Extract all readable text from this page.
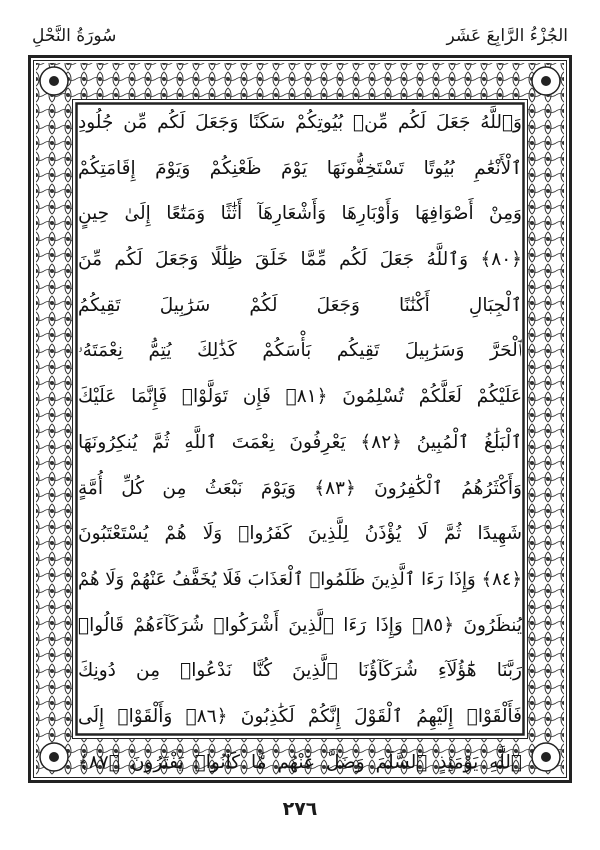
الجُزْءُ الرَّابِعَ عَشَر
سُورَةُ النَّحْلِ
وَٱللَّهُ جَعَلَ لَكُم مِّنۢ بُيُوتِكُمْ سَكَنًا وَجَعَلَ لَكُم مِّن جُلُودِ
ٱلْأَنْعَٰمِ بُيُوتًا تَسْتَخِفُّونَهَا يَوْمَ ظَعْنِكُمْ وَيَوْمَ إِقَامَتِكُمْ
وَمِنْ أَصْوَافِهَا وَأَوْبَارِهَا وَأَشْعَارِهَآ أَثَٰثًا وَمَتَٰعًا إِلَىٰ حِينٍ
﴿٨٠﴾ وَٱللَّهُ جَعَلَ لَكُم مِّمَّا خَلَقَ ظِلَٰلًا وَجَعَلَ لَكُم مِّنَ
ٱلْجِبَالِ أَكْنَٰنًا وَجَعَلَ لَكُمْ سَرَٰبِيلَ تَقِيكُمُ
ٱلْحَرَّ وَسَرَٰبِيلَ تَقِيكُم بَأْسَكُمْ كَذَٰلِكَ يُتِمُّ نِعْمَتَهُۥ
عَلَيْكُمْ لَعَلَّكُمْ تُسْلِمُونَ ﴿٨١﴾ فَإِن تَوَلَّوْا۟ فَإِنَّمَا عَلَيْكَ
ٱلْبَلَٰغُ ٱلْمُبِينُ ﴿٨٢﴾ يَعْرِفُونَ نِعْمَتَ ٱللَّهِ ثُمَّ يُنكِرُونَهَا
وَأَكْثَرُهُمُ ٱلْكَٰفِرُونَ ﴿٨٣﴾ وَيَوْمَ نَبْعَثُ مِن كُلِّ أُمَّةٍ
شَهِيدًا ثُمَّ لَا يُؤْذَنُ لِلَّذِينَ كَفَرُوا۟ وَلَا هُمْ يُسْتَعْتَبُونَ
﴿٨٤﴾ وَإِذَا رَءَا ٱلَّذِينَ ظَلَمُوا۟ ٱلْعَذَابَ فَلَا يُخَفَّفُ عَنْهُمْ وَلَا هُمْ
يُنظَرُونَ ﴿٨٥﴾ وَإِذَا رَءَا ٱلَّذِينَ أَشْرَكُوا۟ شُرَكَآءَهُمْ قَالُوا۟
رَبَّنَا هَٰٓؤُلَآءِ شُرَكَآؤُنَا ٱلَّذِينَ كُنَّا نَدْعُوا۟ مِن دُونِكَ
فَأَلْقَوْا۟ إِلَيْهِمُ ٱلْقَوْلَ إِنَّكُمْ لَكَٰذِبُونَ ﴿٨٦﴾ وَأَلْقَوْا۟ إِلَى
ٱللَّهِ يَوْمَئِذٍ ٱلسَّلَمَ وَضَلَّ عَنْهُم مَّا كَانُوا۟ يَفْتَرُونَ ﴿٨٧﴾
٢٧٦
